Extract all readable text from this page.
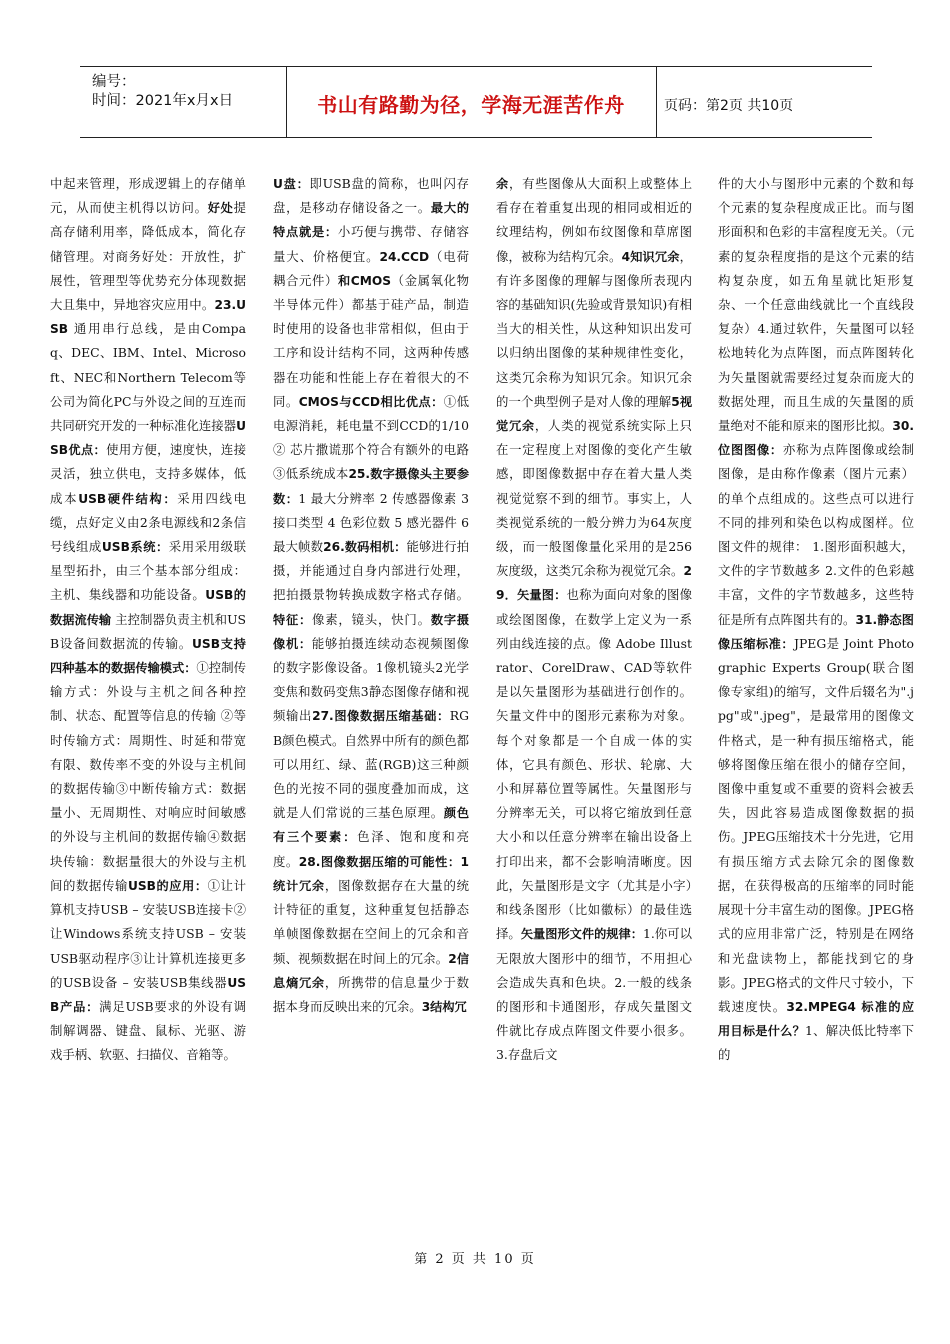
编号：
时间：2021年x月x日	书山有路勤为径，学海无涯苦作舟	页码：第2页 共10页
中起来管理，形成逻辑上的存储单元，从而使主机得以访问。好处提高存储利用率，降低成本，简化存储管理。对商务好处：开放性，扩展性，管理型等优势充分体现数据大且集中，异地容灾应用中。23.USB 通用串行总线，是由Compaq、DEC、IBM、Intel、Microsoft、NEC和Northern Telecom等公司为简化PC与外设之间的互连而共同研究开发的一种标准化连接器USB优点：使用方便，速度快，连接灵活，独立供电，支持多媒体，低成本USB硬件结构：采用四线电缆，点好定义由2条电源线和2条信号线组成USB系统：采用采用级联星型拓扑，由三个基本部分组成：主机、集线器和功能设备。USB的数据流传输 主控制器负责主机和USB设备间数据流的传输。USB支持四种基本的数据传输模式：①控制传输方式：外设与主机之间各种控制、状态、配置等信息的传输 ②等时传输方式：周期性、时延和带宽有限、数传率不变的外设与主机间的数据传输③中断传输方式：数据量小、无周期性、对响应时间敏感的外设与主机间的数据传输④数据块传输：数据量很大的外设与主机间的数据传输USB的应用：①让计算机支持USB – 安装USB连接卡②让Windows系统支持USB – 安装USB驱动程序③让计算机连接更多的USB设备 – 安装USB集线器USB产品：满足USB要求的外设有调制解调器、键盘、鼠标、光驱、游戏手柄、软驱、扫描仪、音箱等。
U盘：即USB盘的简称，也叫闪存盘，是移动存储设备之一。最大的特点就是：小巧便与携带、存储容量大、价格便宜。24.CCD（电荷耦合元件）和CMOS（金属氧化物半导体元件）都基于硅产品，制造时使用的设备也非常相似，但由于工序和设计结构不同，这两种传感器在功能和性能上存在着很大的不同。CMOS与CCD相比优点：①低电源消耗，耗电量不到CCD的1/10② 芯片撒谎那个符合有额外的电路③低系统成本25.数字摄像头主要参数：1 最大分辨率 2 传感器像素 3 接口类型 4 色彩位数 5 感光器件 6 最大帧数26.数码相机：能够进行拍摄，并能通过自身内部进行处理，把拍摄景物转换成数字格式存储。特征：像素，镜头，快门。数字摄像机：能够拍摄连续动态视频图像的数字影像设备。1像机镜头2光学变焦和数码变焦3静态图像存储和视频输出27.图像数据压缩基础：RGB颜色模式。自然界中所有的颜色都可以用红、绿、蓝(RGB)这三种颜色的光按不同的强度叠加而成，这就是人们常说的三基色原理。颜色有三个要素：色泽、饱和度和亮度。28.图像数据压缩的可能性：1统计冗余，图像数据存在大量的统计特征的重复，这种重复包括静态单帧图像数据在空间上的冗余和音频、视频数据在时间上的冗余。2信息熵冗余，所携带的信息量少于数据本身而反映出来的冗余。3结构冗
余，有些图像从大面积上或整体上看存在着重复出现的相同或相近的纹理结构，例如布纹图像和草席图像，被称为结构冗余。4知识冗余，有许多图像的理解与图像所表现内容的基础知识(先验或背景知识)有相当大的相关性，从这种知识出发可以归纳出图像的某种规律性变化，这类冗余称为知识冗余。知识冗余的一个典型例子是对人像的理解5视觉冗余，人类的视觉系统实际上只在一定程度上对图像的变化产生敏感，即图像数据中存在着大量人类视觉觉察不到的细节。事实上，人类视觉系统的一般分辨力为64灰度级，而一般图像量化采用的是256灰度级，这类冗余称为视觉冗余。29．矢量图：也称为面向对象的图像或绘图图像，在数学上定义为一系列由线连接的点。像 Adobe Illustrator、CorelDraw、CAD等软件是以矢量图形为基础进行创作的。矢量文件中的图形元素称为对象。每个对象都是一个自成一体的实体，它具有颜色、形状、轮廓、大小和屏幕位置等属性。矢量图形与分辨率无关，可以将它缩放到任意大小和以任意分辨率在输出设备上打印出来，都不会影响清晰度。因此，矢量图形是文字（尤其是小字）和线条图形（比如徽标）的最佳选择。矢量图形文件的规律：1.你可以无限放大图形中的细节，不用担心会造成失真和色块。2.一般的线条的图形和卡通图形，存成矢量图文件就比存成点阵图文件要小很多。3.存盘后文
件的大小与图形中元素的个数和每个元素的复杂程度成正比。而与图形面积和色彩的丰富程度无关。（元素的复杂程度指的是这个元素的结构复杂度，如五角星就比矩形复杂、一个任意曲线就比一个直线段复杂）4.通过软件，矢量图可以轻松地转化为点阵图，而点阵图转化为矢量图就需要经过复杂而庞大的数据处理，而且生成的矢量图的质量绝对不能和原来的图形比拟。30.位图图像：亦称为点阵图像或绘制图像，是由称作像素（图片元素）的单个点组成的。这些点可以进行不同的排列和染色以构成图样。位图文件的规律： 1.图形面积越大，文件的字节数越多 2.文件的色彩越丰富，文件的字节数越多，这些特征是所有点阵图共有的。31.静态图像压缩标准：JPEG是 Joint Photographic Experts Group(联合图像专家组)的缩写，文件后辍名为".jpg"或".jpeg"，是最常用的图像文件格式，是一种有损压缩格式，能够将图像压缩在很小的储存空间，图像中重复或不重要的资料会被丢失，因此容易造成图像数据的损伤。JPEG压缩技术十分先进，它用有损压缩方式去除冗余的图像数据，在获得极高的压缩率的同时能展现十分丰富生动的图像。JPEG格式的应用非常广泛，特别是在网络和光盘读物上，都能找到它的身影。JPEG格式的文件尺寸较小，下载速度快。32.MPEG4 标准的应用目标是什么？1、解决低比特率下的
第 2 页 共 10 页
